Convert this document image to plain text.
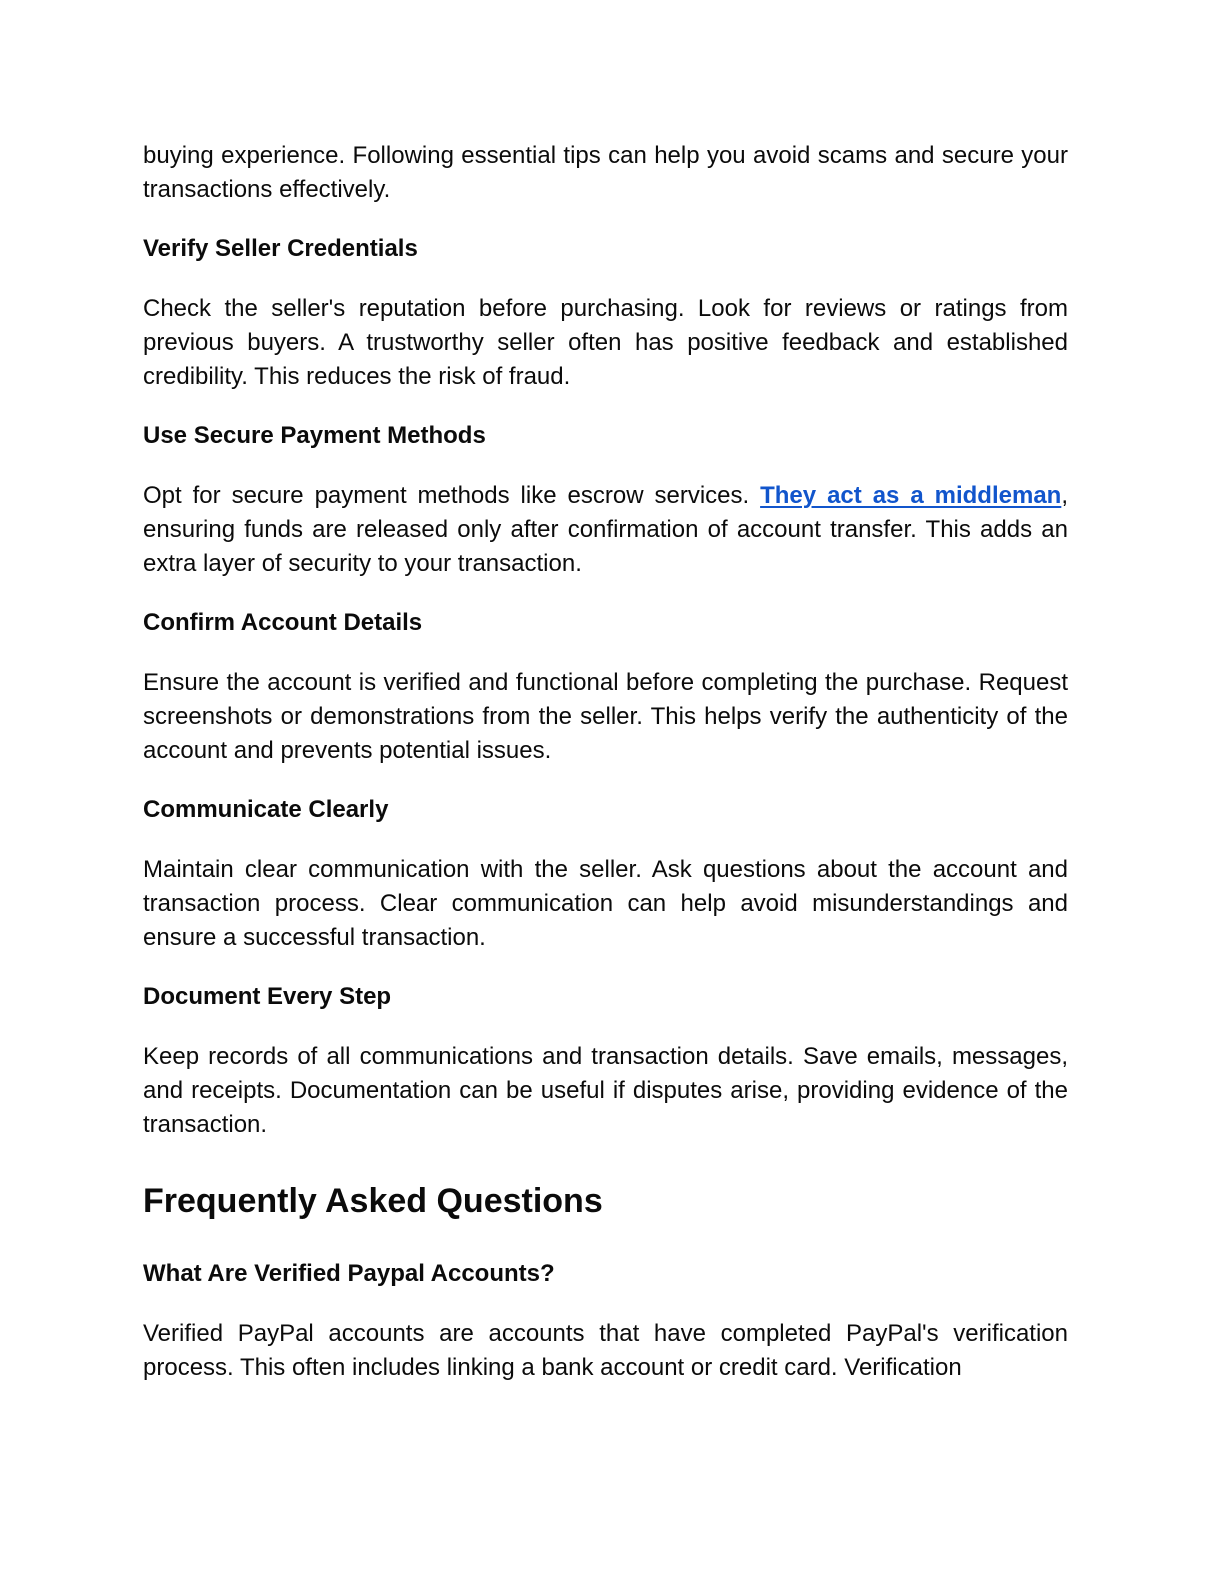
buying experience. Following essential tips can help you avoid scams and secure your transactions effectively.

Verify Seller Credentials

Check the seller's reputation before purchasing. Look for reviews or ratings from previous buyers. A trustworthy seller often has positive feedback and established credibility. This reduces the risk of fraud.

Use Secure Payment Methods

Opt for secure payment methods like escrow services. They act as a middleman, ensuring funds are released only after confirmation of account transfer. This adds an extra layer of security to your transaction.

Confirm Account Details

Ensure the account is verified and functional before completing the purchase. Request screenshots or demonstrations from the seller. This helps verify the authenticity of the account and prevents potential issues.

Communicate Clearly

Maintain clear communication with the seller. Ask questions about the account and transaction process. Clear communication can help avoid misunderstandings and ensure a successful transaction.

Document Every Step

Keep records of all communications and transaction details. Save emails, messages, and receipts. Documentation can be useful if disputes arise, providing evidence of the transaction.

Frequently Asked Questions
What Are Verified Paypal Accounts?

Verified PayPal accounts are accounts that have completed PayPal's verification process. This often includes linking a bank account or credit card. Verification
